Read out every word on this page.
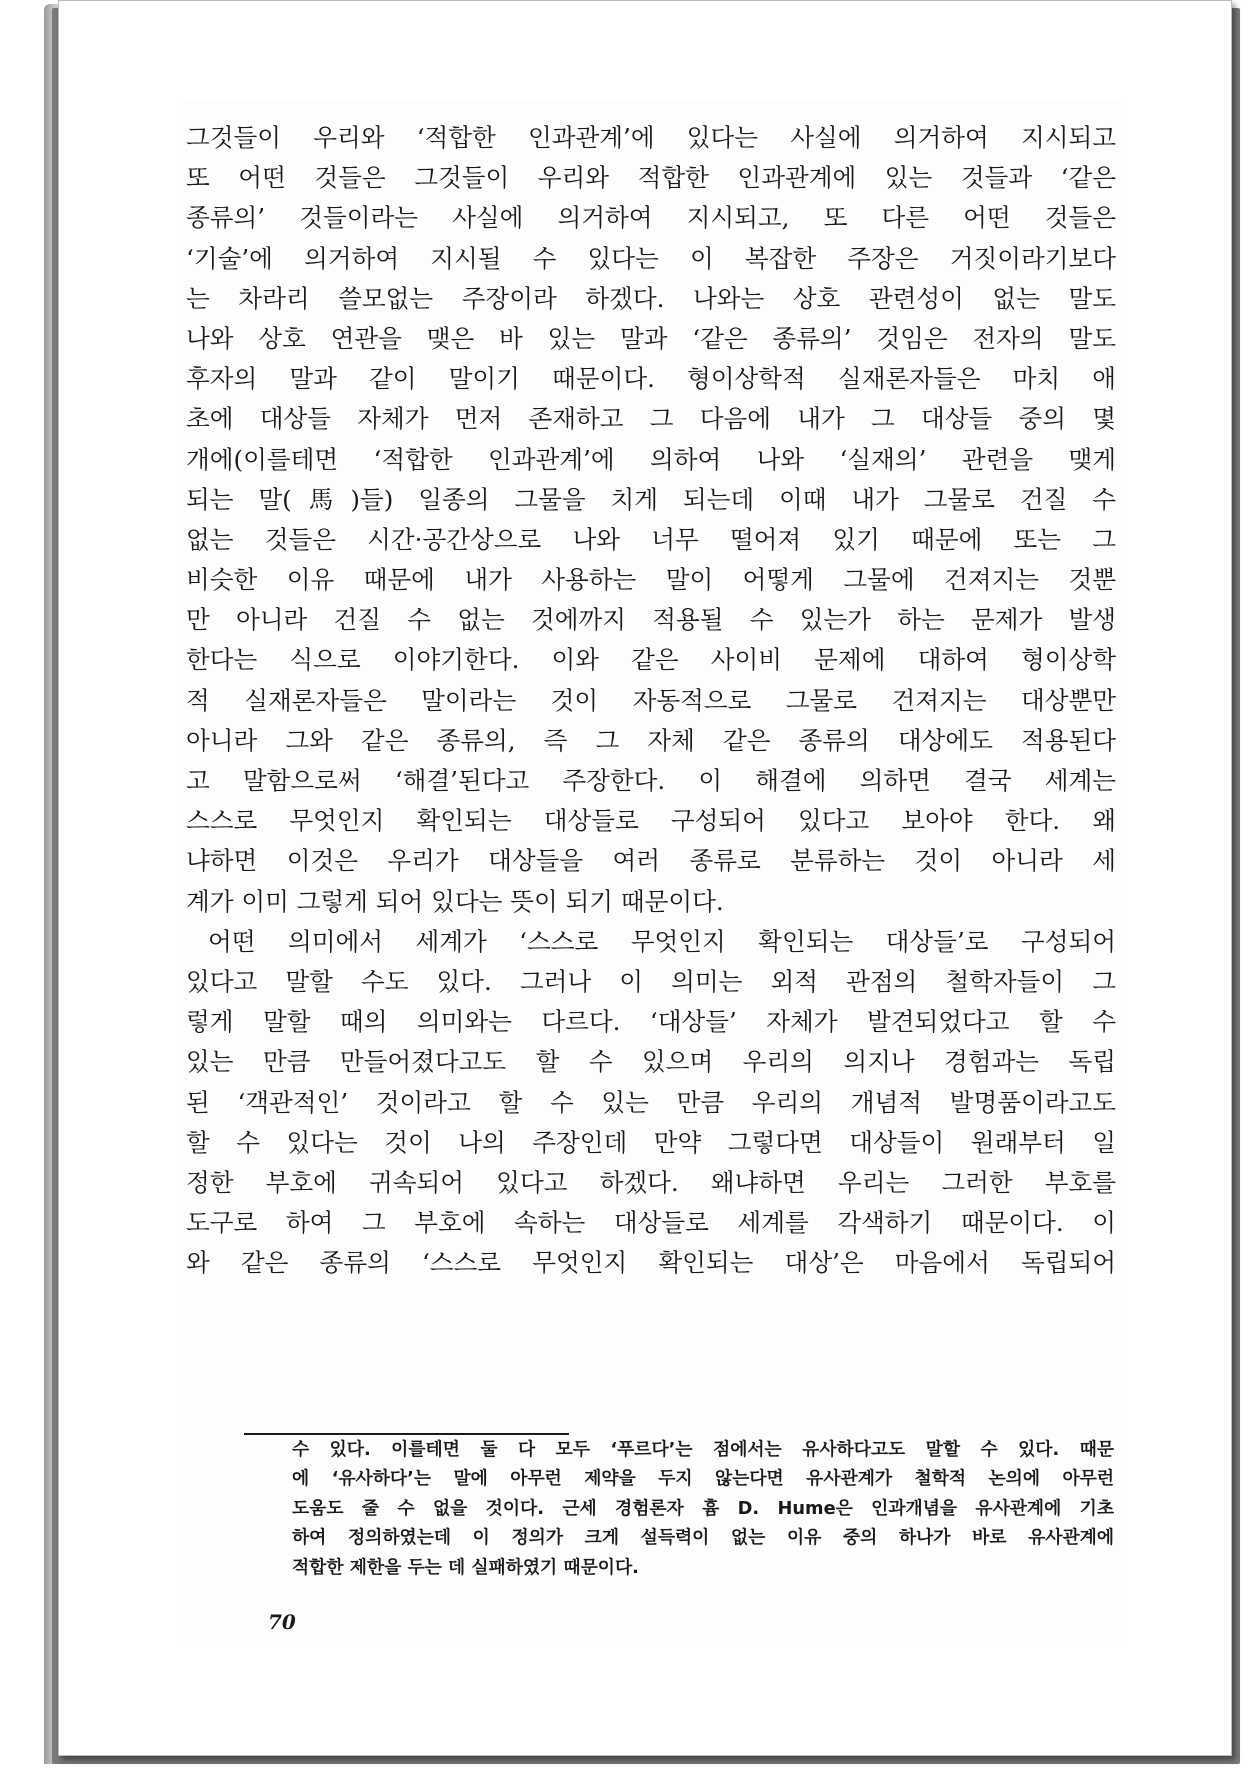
그것들이 우리와 ‘적합한 인과관계’에 있다는 사실에 의거하여 지시되고
또 어떤 것들은 그것들이 우리와 적합한 인과관계에 있는 것들과 ‘같은
종류의’ 것들이라는 사실에 의거하여 지시되고, 또 다른 어떤 것들은
‘기술’에 의거하여 지시될 수 있다는 이 복잡한 주장은 거짓이라기보다
는 차라리 쓸모없는 주장이라 하겠다. 나와는 상호 관련성이 없는 말도
나와 상호 연관을 맺은 바 있는 말과 ‘같은 종류의’ 것임은 전자의 말도
후자의 말과 같이 말이기 때문이다. 형이상학적 실재론자들은 마치 애
초에 대상들 자체가 먼저 존재하고 그 다음에 내가 그 대상들 중의 몇
개에(이를테면 ‘적합한 인과관계’에 의하여 나와 ‘실재의’ 관련을 맺게
되는 말(馬)들) 일종의 그물을 치게 되는데 이때 내가 그물로 건질 수
없는 것들은 시간·공간상으로 나와 너무 떨어져 있기 때문에 또는 그
비슷한 이유 때문에 내가 사용하는 말이 어떻게 그물에 건져지는 것뿐
만 아니라 건질 수 없는 것에까지 적용될 수 있는가 하는 문제가 발생
한다는 식으로 이야기한다. 이와 같은 사이비 문제에 대하여 형이상학
적 실재론자들은 말이라는 것이 자동적으로 그물로 건져지는 대상뿐만
아니라 그와 같은 종류의, 즉 그 자체 같은 종류의 대상에도 적용된다
고 말함으로써 ‘해결’된다고 주장한다. 이 해결에 의하면 결국 세계는
스스로 무엇인지 확인되는 대상들로 구성되어 있다고 보아야 한다. 왜
냐하면 이것은 우리가 대상들을 여러 종류로 분류하는 것이 아니라 세
계가 이미 그렇게 되어 있다는 뜻이 되기 때문이다.
어떤 의미에서 세계가 ‘스스로 무엇인지 확인되는 대상들’로 구성되어
있다고 말할 수도 있다. 그러나 이 의미는 외적 관점의 철학자들이 그
렇게 말할 때의 의미와는 다르다. ‘대상들’ 자체가 발견되었다고 할 수
있는 만큼 만들어졌다고도 할 수 있으며 우리의 의지나 경험과는 독립
된 ‘객관적인’ 것이라고 할 수 있는 만큼 우리의 개념적 발명품이라고도
할 수 있다는 것이 나의 주장인데 만약 그렇다면 대상들이 원래부터 일
정한 부호에 귀속되어 있다고 하겠다. 왜냐하면 우리는 그러한 부호를
도구로 하여 그 부호에 속하는 대상들로 세계를 각색하기 때문이다. 이
와 같은 종류의 ‘스스로 무엇인지 확인되는 대상’은 마음에서 독립되어
수 있다. 이를테면 둘 다 모두 ‘푸르다’는 점에서는 유사하다고도 말할 수 있다. 때문
에 ‘유사하다’는 말에 아무런 제약을 두지 않는다면 유사관계가 철학적 논의에 아무런
도움도 줄 수 없을 것이다. 근세 경험론자 흄 D. Hume은 인과개념을 유사관계에 기초
하여 정의하였는데 이 정의가 크게 설득력이 없는 이유 중의 하나가 바로 유사관계에
적합한 제한을 두는 데 실패하였기 때문이다.
70
